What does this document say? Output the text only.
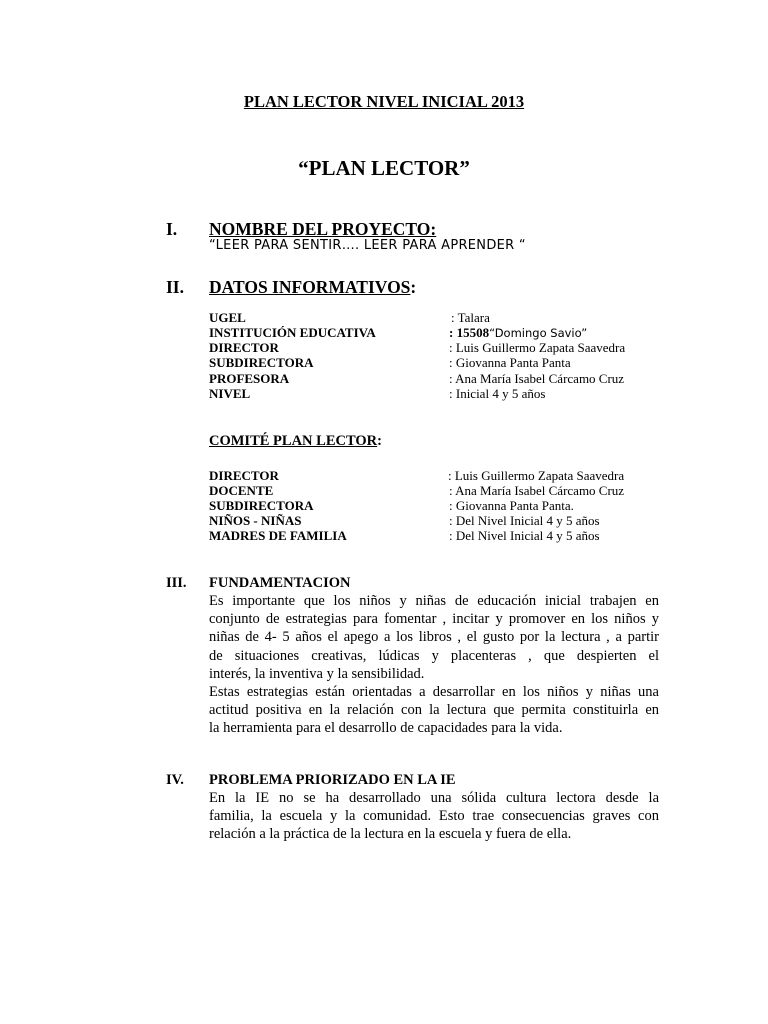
PLAN LECTOR NIVEL INICIAL 2013
“PLAN LECTOR”
I. NOMBRE DEL PROYECTO:
“LEER PARA SENTIR…. LEER PARA APRENDER “
II. DATOS INFORMATIVOS:
UGEL	: Talara
INSTITUCIÓN EDUCATIVA	: 15508“Domingo Savio”
DIRECTOR	: Luis Guillermo Zapata Saavedra
SUBDIRECTORA	: Giovanna Panta Panta
PROFESORA	: Ana María Isabel Cárcamo Cruz
NIVEL	: Inicial 4 y 5 años
COMITÉ PLAN LECTOR:
DIRECTOR	: Luis Guillermo Zapata Saavedra
DOCENTE	: Ana María Isabel Cárcamo Cruz
SUBDIRECTORA	: Giovanna Panta Panta.
NIÑOS - NIÑAS	: Del Nivel Inicial 4 y 5 años
MADRES DE FAMILIA	: Del Nivel Inicial 4 y 5 años
III. FUNDAMENTACION
Es importante que los niños y niñas de educación inicial trabajen en
conjunto de estrategias para fomentar , incitar y promover en los niños y
niñas de 4- 5 años el apego a los libros , el gusto por la lectura , a partir
de situaciones creativas, lúdicas y placenteras , que despierten el
interés, la inventiva y la sensibilidad.
Estas estrategias están orientadas a desarrollar en los niños y niñas una
actitud positiva en la relación con la lectura que permita constituirla en
la herramienta para el desarrollo de capacidades para la vida.
IV. PROBLEMA PRIORIZADO EN LA IE
En la IE no se ha desarrollado una sólida cultura lectora desde la
familia, la escuela y la comunidad. Esto trae consecuencias graves con
relación a la práctica de la lectura en la escuela y fuera de ella.
